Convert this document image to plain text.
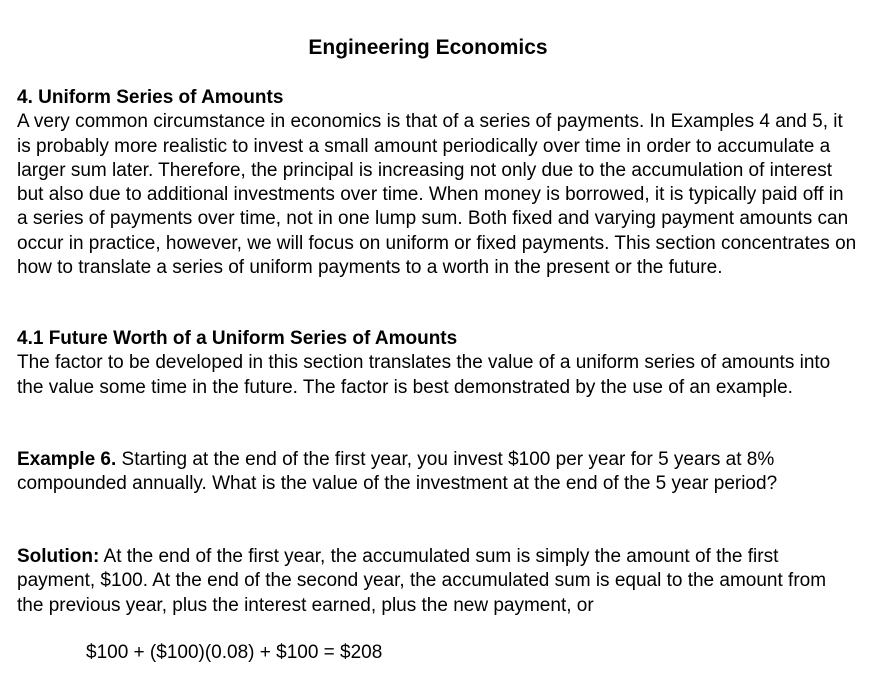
Engineering Economics
4. Uniform Series of Amounts
A very common circumstance in economics is that of a series of payments. In Examples 4 and 5, it is probably more realistic to invest a small amount periodically over time in order to accumulate a larger sum later. Therefore, the principal is increasing not only due to the accumulation of interest but also due to additional investments over time. When money is borrowed, it is typically paid off in a series of payments over time, not in one lump sum. Both fixed and varying payment amounts can occur in practice, however, we will focus on uniform or fixed payments. This section concentrates on how to translate a series of uniform payments to a worth in the present or the future.
4.1 Future Worth of a Uniform Series of Amounts
The factor to be developed in this section translates the value of a uniform series of amounts into the value some time in the future. The factor is best demonstrated by the use of an example.
Example 6. Starting at the end of the first year, you invest $100 per year for 5 years at 8% compounded annually. What is the value of the investment at the end of the 5 year period?
Solution: At the end of the first year, the accumulated sum is simply the amount of the first payment, $100. At the end of the second year, the accumulated sum is equal to the amount from the previous year, plus the interest earned, plus the new payment, or
$100 + ($100)(0.08) + $100 = $208
